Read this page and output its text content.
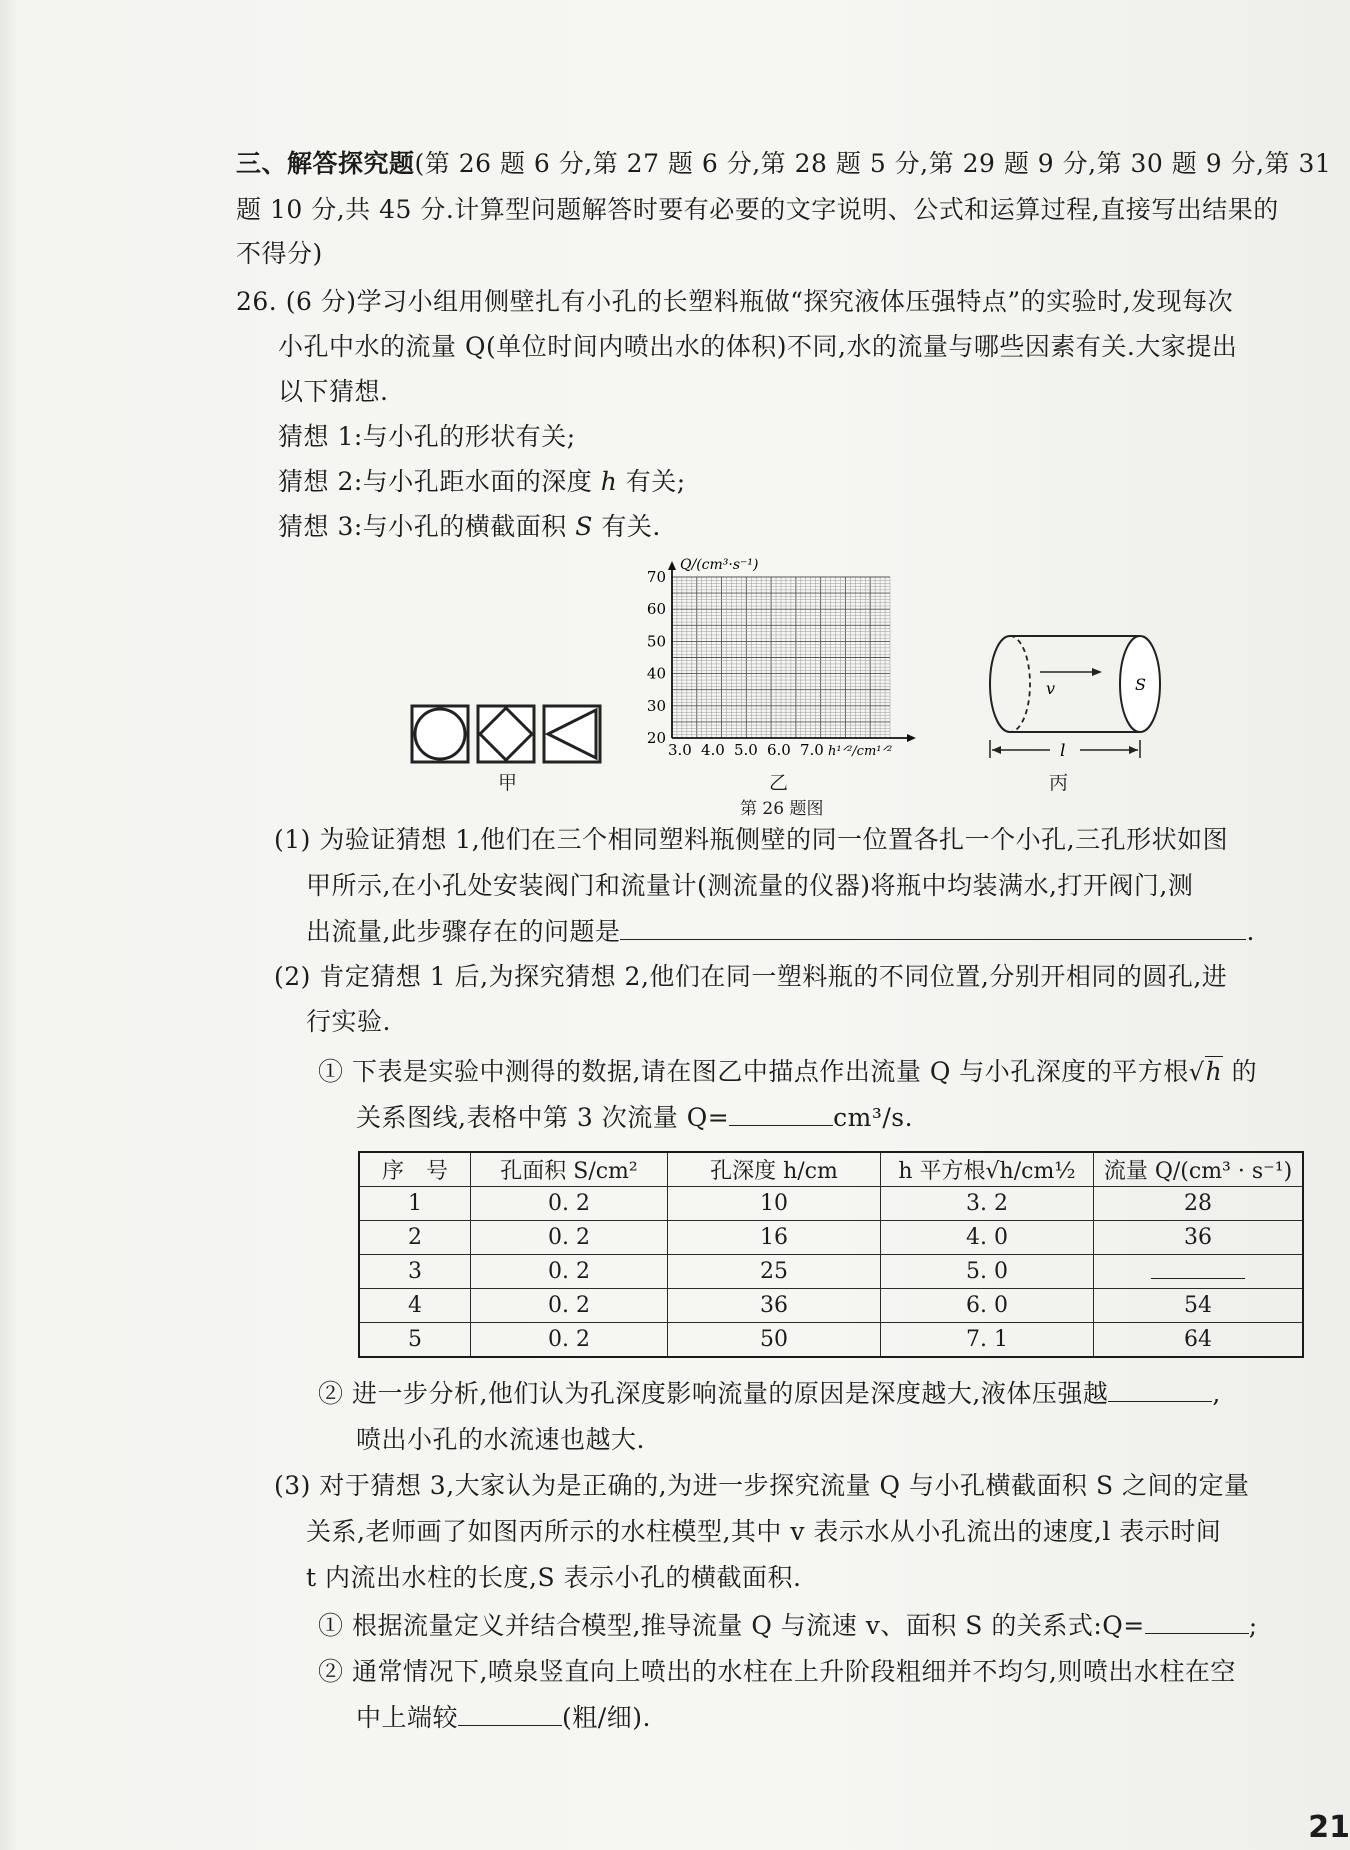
三、解答探究题(第 26 题 6 分,第 27 题 6 分,第 28 题 5 分,第 29 题 9 分,第 30 题 9 分,第 31
题 10 分,共 45 分.计算型问题解答时要有必要的文字说明、公式和运算过程,直接写出结果的
不得分)
26. (6 分)学习小组用侧壁扎有小孔的长塑料瓶做“探究液体压强特点”的实验时,发现每次
小孔中水的流量 Q(单位时间内喷出水的体积)不同,水的流量与哪些因素有关.大家提出
以下猜想.
猜想 1:与小孔的形状有关;
猜想 2:与小孔距水面的深度 h 有关;
猜想 3:与小孔的横截面积 S 有关.
甲
70
60
50
40
30
20
3.0 4.0 5.0 6.0 7.0
Q/(cm³·s⁻¹)
h¹ᐟ²/cm¹ᐟ²
乙
v	S
l
丙
第 26 题图
(1) 为验证猜想 1,他们在三个相同塑料瓶侧壁的同一位置各扎一个小孔,三孔形状如图
甲所示,在小孔处安装阀门和流量计(测流量的仪器)将瓶中均装满水,打开阀门,测
出流量,此步骤存在的问题是	.
(2) 肯定猜想 1 后,为探究猜想 2,他们在同一塑料瓶的不同位置,分别开相同的圆孔,进
行实验.
① 下表是实验中测得的数据,请在图乙中描点作出流量 Q 与小孔深度的平方根√h 的
关系图线,表格中第 3 次流量 Q=	cm³/s.
序　号	孔面积 S/cm²	孔深度 h/cm	h 平方根√h/cm½	流量 Q/(cm³ · s⁻¹)
1	0. 2	10	3. 2	28
2	0. 2	16	4. 0	36
3	0. 2	25	5. 0	
4	0. 2	36	6. 0	54
5	0. 2	50	7. 1	64
② 进一步分析,他们认为孔深度影响流量的原因是深度越大,液体压强越	,
喷出小孔的水流速也越大.
(3) 对于猜想 3,大家认为是正确的,为进一步探究流量 Q 与小孔横截面积 S 之间的定量
关系,老师画了如图丙所示的水柱模型,其中 v 表示水从小孔流出的速度,l 表示时间
t 内流出水柱的长度,S 表示小孔的横截面积.
① 根据流量定义并结合模型,推导流量 Q 与流速 v、面积 S 的关系式:Q=	;
② 通常情况下,喷泉竖直向上喷出的水柱在上升阶段粗细并不均匀,则喷出水柱在空
中上端较	(粗/细).
21
